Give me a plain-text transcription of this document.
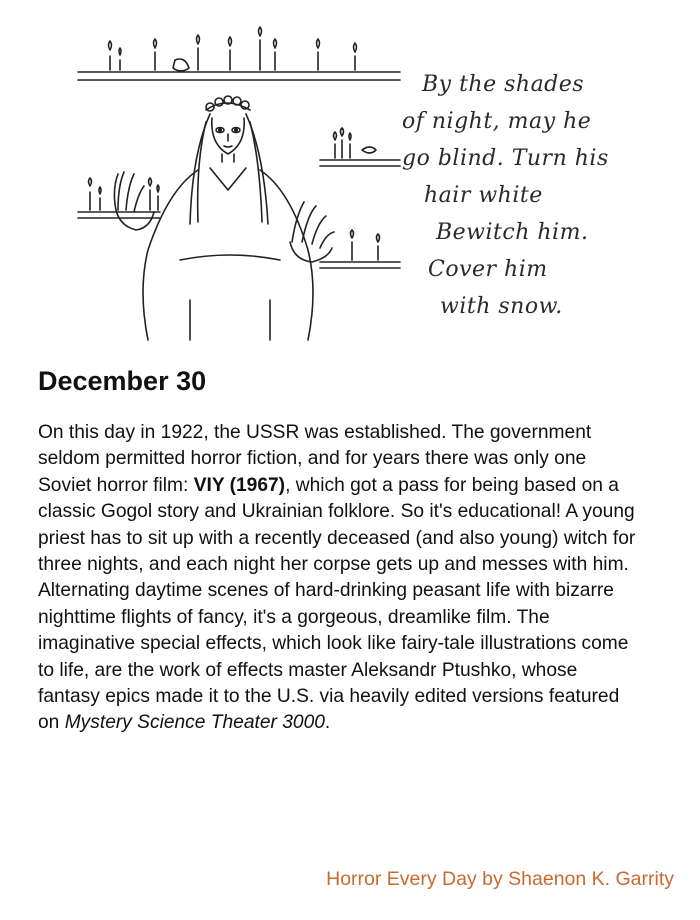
By the shades
of night, may he
go blind. Turn his
hair white
Bewitch him.
Cover him
with snow.
December 30

On this day in 1922, the USSR was established. The government seldom permitted horror fiction, and for years there was only one Soviet horror film: VIY (1967), which got a pass for being based on a classic Gogol story and Ukrainian folklore. So it's educational! A young priest has to sit up with a recently deceased (and also young) witch for three nights, and each night her corpse gets up and messes with him. Alternating daytime scenes of hard-drinking peasant life with bizarre nighttime flights of fancy, it's a gorgeous, dreamlike film. The imaginative special effects, which look like fairy-tale illustrations come to life, are the work of effects master Aleksandr Ptushko, whose fantasy epics made it to the U.S. via heavily edited versions featured on Mystery Science Theater 3000.

Horror Every Day by Shaenon K. Garrity
